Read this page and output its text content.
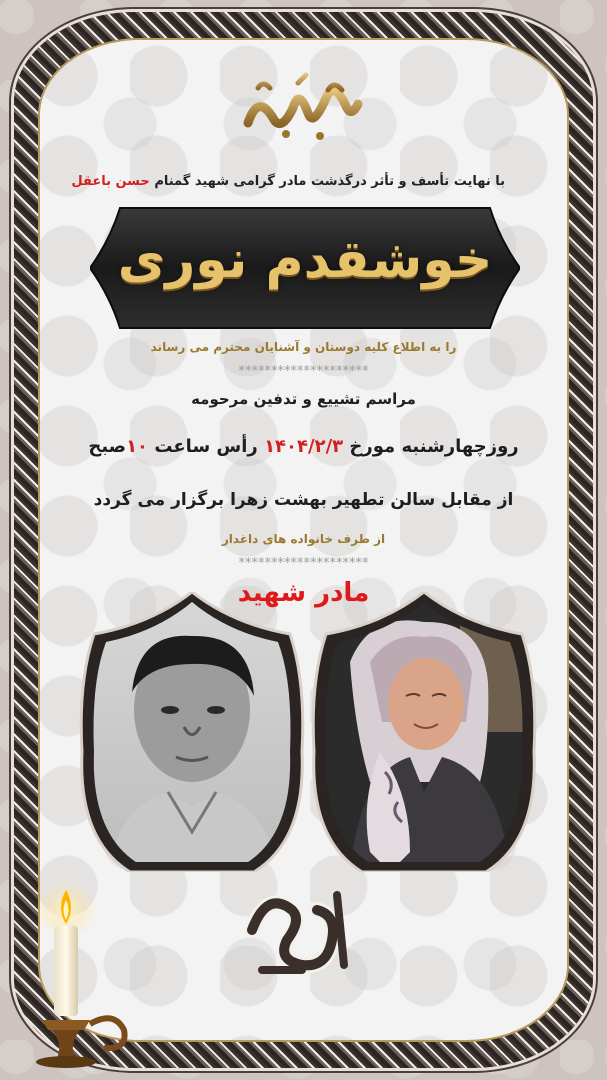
با نهایت تأسف و تأثر درگذشت مادر گرامی شهید گمنام حسن باعقل
خوشقدم نوری
را به اطلاع کلیه دوستان و آشنایان محترم می رساند
********************
مراسم تشییع و تدفین مرحومه
روزچهارشنبه مورخ ۱۴۰۴/۲/۳ رأس ساعت ۱۰صبح
از مقابل سالن تطهیر بهشت زهرا برگزار می گردد
از طرف خانواده های داغدار
********************
مادر شهید
